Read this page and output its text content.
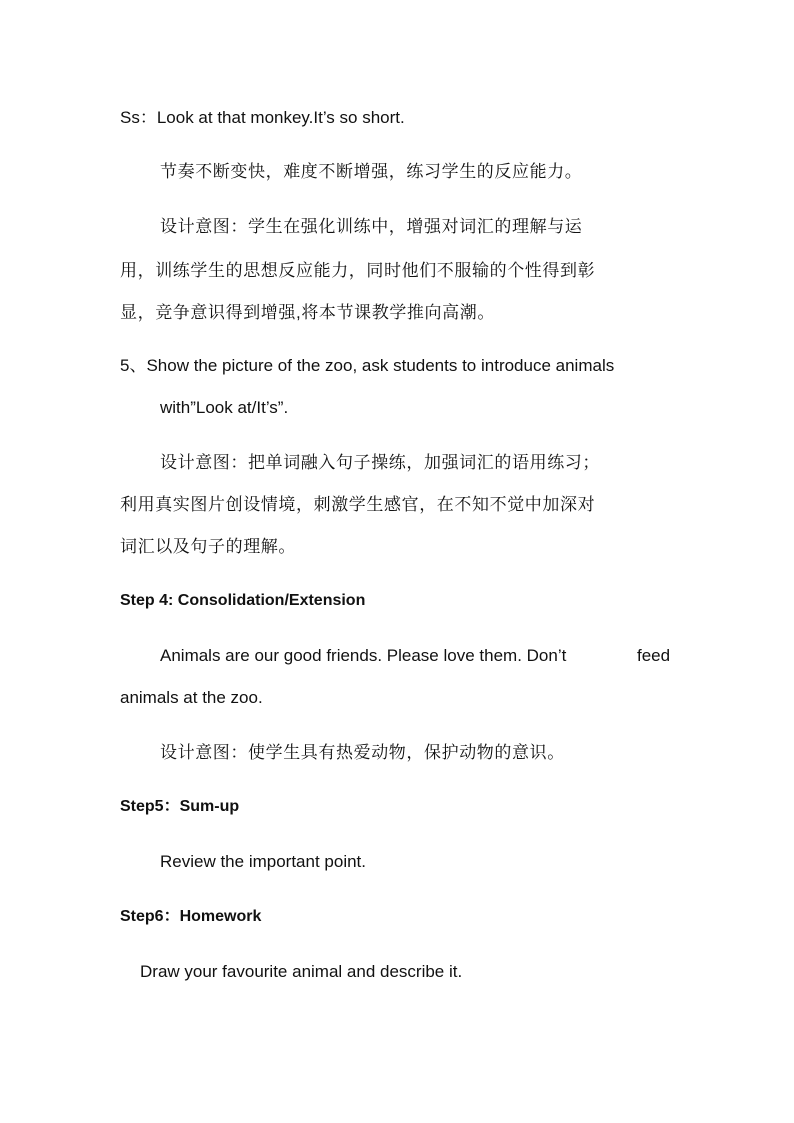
Ss：Look at that monkey.It’s so short.
节奏不断变快，难度不断增强，练习学生的反应能力。
设计意图：学生在强化训练中，增强对词汇的理解与运
用，训练学生的思想反应能力，同时他们不服输的个性得到彰
显，竞争意识得到增强,将本节课教学推向高潮。
5、Show the picture of the zoo, ask students to introduce animals
with”Look at/It’s”.
设计意图：把单词融入句子操练，加强词汇的语用练习；
利用真实图片创设情境，刺激学生感官，在不知不觉中加深对
词汇以及句子的理解。
Step 4: Consolidation/Extension
Animals are our good friends. Please love them. Don’t	feed
animals at the zoo.
设计意图：使学生具有热爱动物，保护动物的意识。
Step5：Sum-up
Review the important point.
Step6：Homework
Draw your favourite animal and describe it.
